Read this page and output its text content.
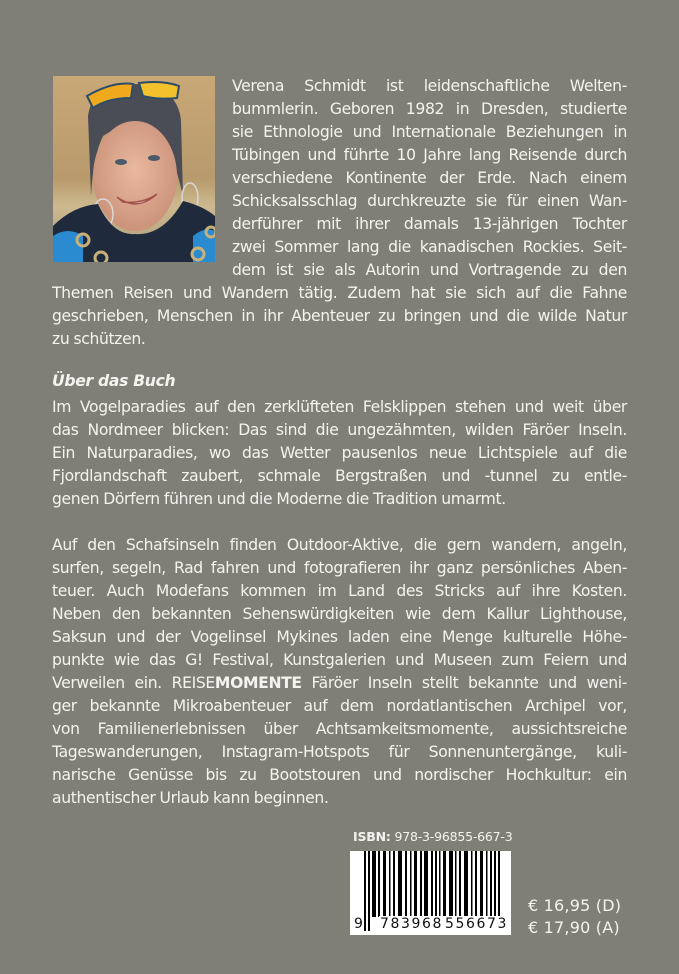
Verena Schmidt ist leidenschaftliche Welten-
bummlerin. Geboren 1982 in Dresden, studierte
sie Ethnologie und Internationale Beziehungen in
Tübingen und führte 10 Jahre lang Reisende durch
verschiedene Kontinente der Erde. Nach einem
Schicksalsschlag durchkreuzte sie für einen Wan-
derführer mit ihrer damals 13-jährigen Tochter
zwei Sommer lang die kanadischen Rockies. Seit-
dem ist sie als Autorin und Vortragende zu den
Themen Reisen und Wandern tätig. Zudem hat sie sich auf die Fahne
geschrieben, Menschen in ihr Abenteuer zu bringen und die wilde Natur
zu schützen.
Über das Buch
Im Vogelparadies auf den zerklüfteten Felsklippen stehen und weit über
das Nordmeer blicken: Das sind die ungezähmten, wilden Färöer Inseln.
Ein Naturparadies, wo das Wetter pausenlos neue Lichtspiele auf die
Fjordlandschaft zaubert, schmale Bergstraßen und -tunnel zu entle-
genen Dörfern führen und die Moderne die Tradition umarmt.
Auf den Schafsinseln finden Outdoor-Aktive, die gern wandern, angeln,
surfen, segeln, Rad fahren und fotografieren ihr ganz persönliches Aben-
teuer. Auch Modefans kommen im Land des Stricks auf ihre Kosten.
Neben den bekannten Sehenswürdigkeiten wie dem Kallur Lighthouse,
Saksun und der Vogelinsel Mykines laden eine Menge kulturelle Höhe-
punkte wie das G! Festival, Kunstgalerien und Museen zum Feiern und
Verweilen ein. REISEMOMENTE Färöer Inseln stellt bekannte und weni-
ger bekannte Mikroabenteuer auf dem nordatlantischen Archipel vor,
von Familienerlebnissen über Achtsamkeitsmomente, aussichtsreiche
Tageswanderungen, Instagram-Hotspots für Sonnenuntergänge, kuli-
narische Genüsse bis zu Bootstouren und nordischer Hochkultur: ein
authentischer Urlaub kann beginnen.
ISBN: 978-3-96855-667-3
9 783968 556673
€ 16,95 (D)
€ 17,90 (A)
